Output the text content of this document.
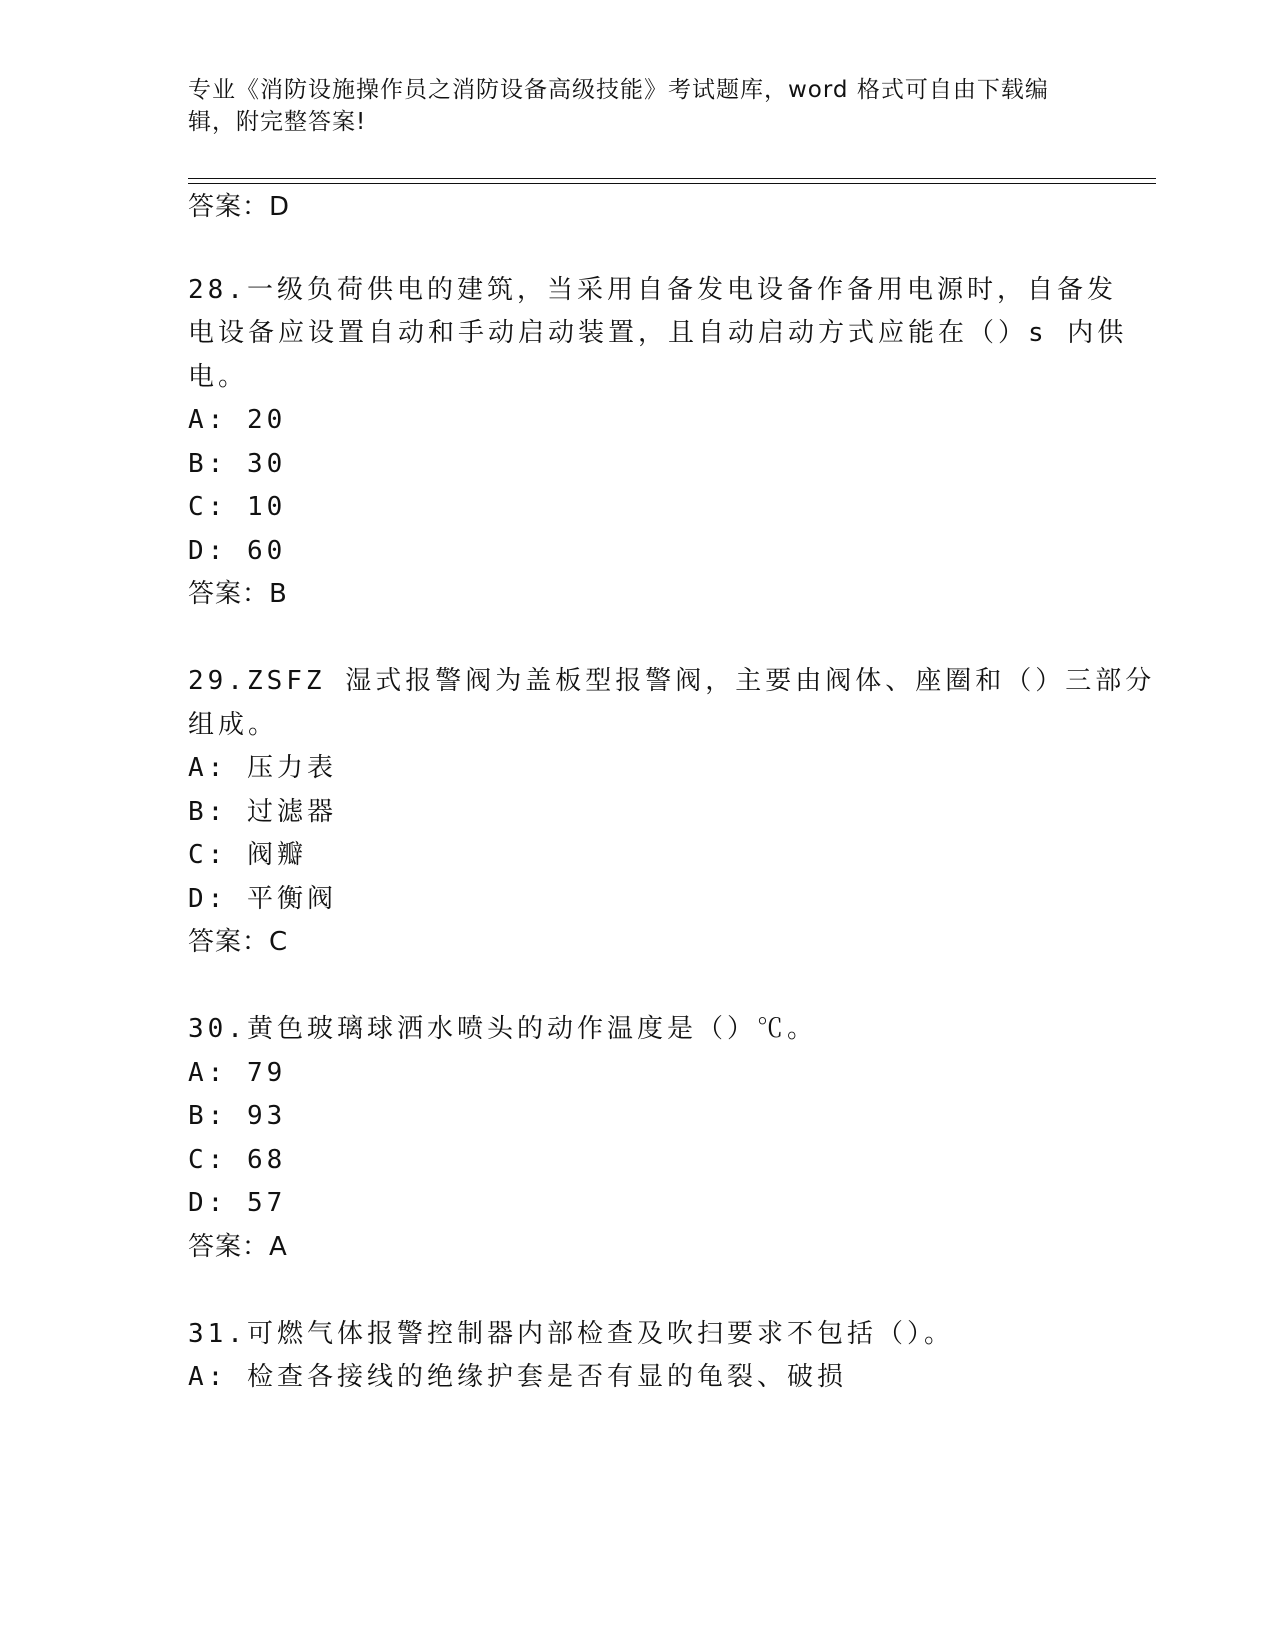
专业《消防设施操作员之消防设备高级技能》考试题库，word 格式可自由下载编辑，附完整答案!
答案：D
28.一级负荷供电的建筑，当采用自备发电设备作备用电源时，自备发
电设备应设置自动和手动启动装置，且自动启动方式应能在（）s 内供
电。
A: 20
B: 30
C: 10
D: 60
答案：B
29.ZSFZ 湿式报警阀为盖板型报警阀，主要由阀体、座圈和（）三部分
组成。
A: 压力表
B: 过滤器
C: 阀瓣
D: 平衡阀
答案：C
30.黄色玻璃球洒水喷头的动作温度是（）℃。
A: 79
B: 93
C: 68
D: 57
答案：A
31.可燃气体报警控制器内部检查及吹扫要求不包括（）。
A: 检查各接线的绝缘护套是否有显的龟裂、破损
